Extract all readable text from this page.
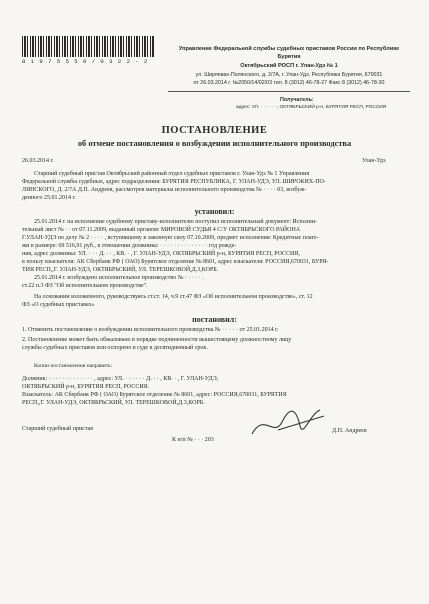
8 1 9 7 5 5 5 0 / 0 3 2 2 - 2
Управление Федеральной службы судебных приставов России по Республике
Бурятия
Октябрьский РОСП г. Улан-Удэ № 1
ул. Ширяевах-Полянского, д. 2/7А, г. Улан-Удэ, Республика Бурятия, 670031
от 26.03.2014 г. №2050/14/02/03 тел. 8 (3012) 46-78-27 Факс 8 (3012) 46-78-30
Получатель:
адрес: УЛ. · · · · · ·, ОКТЯБРЬСКИЙ р-н, БУРЯТИЯ РЕСП, РОССИЯ
ПОСТАНОВЛЕНИЕ
об отмене постановления о возбуждении исполнительного производства
26.03.2014 г.	Улан-Удэ
Старший судебный пристав Октябрьский районный отдел судебных приставов г. Улан-Удэ № 1 Управления
Федеральной службы судебных, адрес подразделения: БУРЯТИЯ РЕСПУБЛИКА, Г. УЛАН-УДЭ, УЛ. ШИРОКИХ-ПО-
ЛЯНСКОГО, Д. 2/7А Д.П. Андреев, рассмотрев материалы исполнительного производства № · · · · 03, возбуж-
денного 25.01.2014 г.
установил:
25.01.2014 г. на исполнение судебному приставу-исполнителю поступил исполнительный документ: Исполни-
тельный лист № · · от 07.11.2009, выданный органом: МИРОВОЙ СУДЬЯ 4 С/У ОКТЯБРЬСКОГО РАЙОНА
Г.УЛАН-УДЭ по делу № 2 · · · · , вступившему в законную силу 07.10.2009, предмет исполнения: Кредитные плате-
жи в размере: 69 516,91 руб., в отношении должника: · · · · · · · · · · · · · · год рожде-
ния, адрес должника: УЛ. · · · Д. · · , КВ. · , Г. УЛАН-УДЭ, ОКТЯБРЬСКИЙ р-н, БУРЯТИЯ РЕСП, РОССИЯ,
в пользу взыскателя: АК Сбербанк РФ ( ОАО) Бурятское отделение № 8601, адрес взыскателя: РОССИЯ,670031, БУРЯ-
ТИЯ РЕСП,,Г. УЛАН-УДЭ, ОКТЯБРЬСКИЙ, УЛ. ТЕРЕШКОВОЙ,Д.3,КОРБ.
25.01.2014 г. возбуждено исполнительное производство № · · · · · .
ст.22 п.3 ФЗ "Об исполнительном производстве".
На основании изложенного, руководствуясь ст.ст. 14, ч.9 ст.47 ФЗ «Об исполнительном производстве», ст. 12
ФЗ «О судебных приставах»
постановил:
1. Отменить постановление о возбуждении исполнительного производства № · · · · · от 25.01.2014 г.
2. Постановление может быть обжаловано в порядке подчиненности вышестоящему должностному лицу
службы судебных приставов или оспорено в суде в десятидневный срок.
Копии постановления направить:
Должник: · · · · · · · · · · · · · , адрес: УЛ. · · · · · · Д. · · , КВ. · , Г. УЛАН-УДЭ,
ОКТЯБРЬСКИЙ р-н, БУРЯТИЯ РЕСП, РОССИЯ.
Взыскатель: АК Сбербанк РФ ( ОАО) Бурятское отделение № 8601, адрес: РОССИЯ,670031, БУРЯТИЯ
РЕСП,,Г. УЛАН-УДЭ, ОКТЯБРЬСКИЙ, УЛ. ТЕРЕШКОВОЙ,Д.3,КОРБ.
Старший судебный пристав	Д.П. Андреев
К н/п № · · · 203
